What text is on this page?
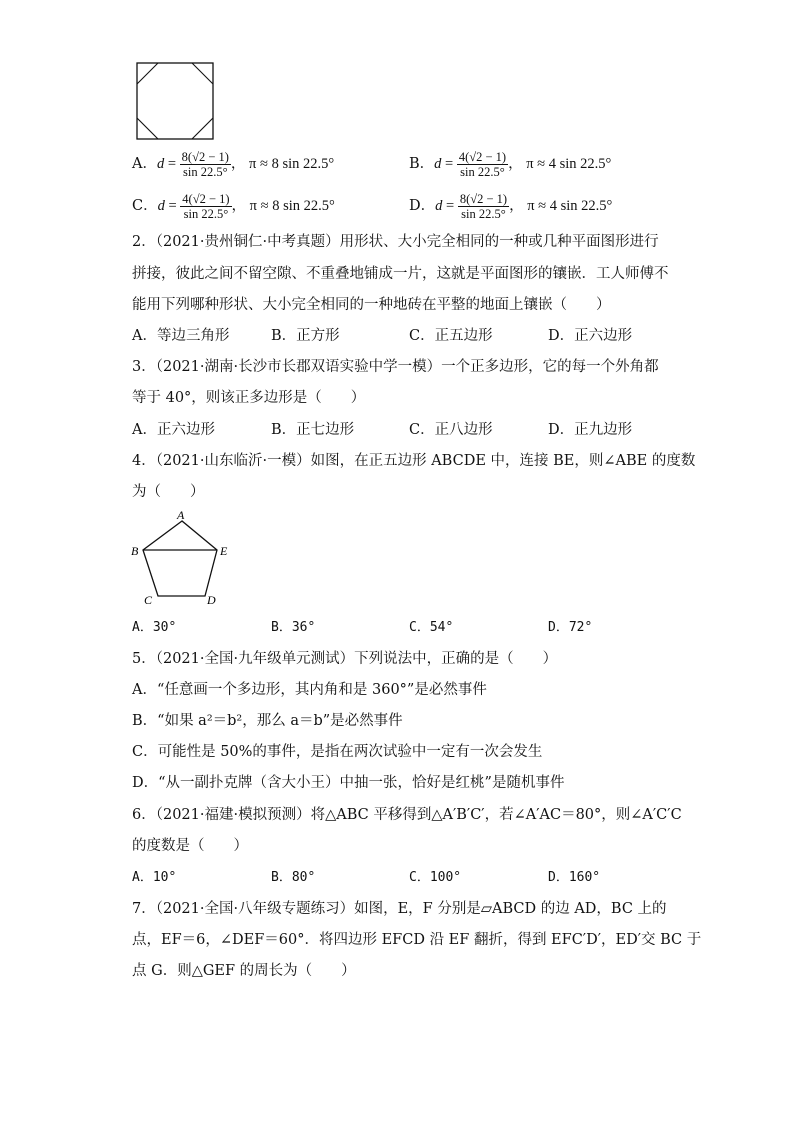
A．$d = \frac{8(√2 - 1)}{\sin 22.5^\circ}$ ， π ≈ 8 sin 22.5°	B．$d = \frac{4(√2 - 1)}{\sin 22.5^\circ}$ ， π ≈ 4 sin 22.5°
C．$d = \frac{4(√2 - 1)}{\sin 22.5^\circ}$ ， π ≈ 8 sin 22.5°	D．$d = \frac{8(√2 - 1)}{\sin 22.5^\circ}$ ， π ≈ 4 sin 22.5°
2．（2021·贵州铜仁·中考真题）用形状、大小完全相同的一种或几种平面图形进行
拼接，彼此之间不留空隙、不重叠地铺成一片，这就是平面图形的镶嵌．工人师傅不
能用下列哪种形状、大小完全相同的一种地砖在平整的地面上镶嵌（　　）
A．等边三角形	B．正方形	C．正五边形	D．正六边形
3．（2021·湖南·长沙市长郡双语实验中学一模）一个正多边形，它的每一个外角都
等于 40°，则该正多边形是（　　）
A．正六边形	B．正七边形	C．正八边形	D．正九边形
4．（2021·山东临沂·一模）如图，在正五边形 ABCDE 中，连接 BE，则∠ABE 的度数
为（　　）
A
B	E
C	D
A．30°	B．36°	C．54°	D．72°
5．（2021·全国·九年级单元测试）下列说法中，正确的是（　　）
A．“任意画一个多边形，其内角和是 360°”是必然事件
B．“如果 a²＝b²，那么 a＝b”是必然事件
C．可能性是 50%的事件，是指在两次试验中一定有一次会发生
D．“从一副扑克牌（含大小王）中抽一张，恰好是红桃”是随机事件
6．（2021·福建·模拟预测）将△ABC 平移得到△A′B′C′，若∠A′AC＝80°，则∠A′C′C
的度数是（　　）
A．10°	B．80°	C．100°	D．160°
7．（2021·全国·八年级专题练习）如图，E，F 分别是▱ABCD 的边 AD，BC 上的
点，EF＝6，∠DEF＝60°．将四边形 EFCD 沿 EF 翻折，得到 EFC′D′，ED′交 BC 于
点 G．则△GEF 的周长为（　　）
